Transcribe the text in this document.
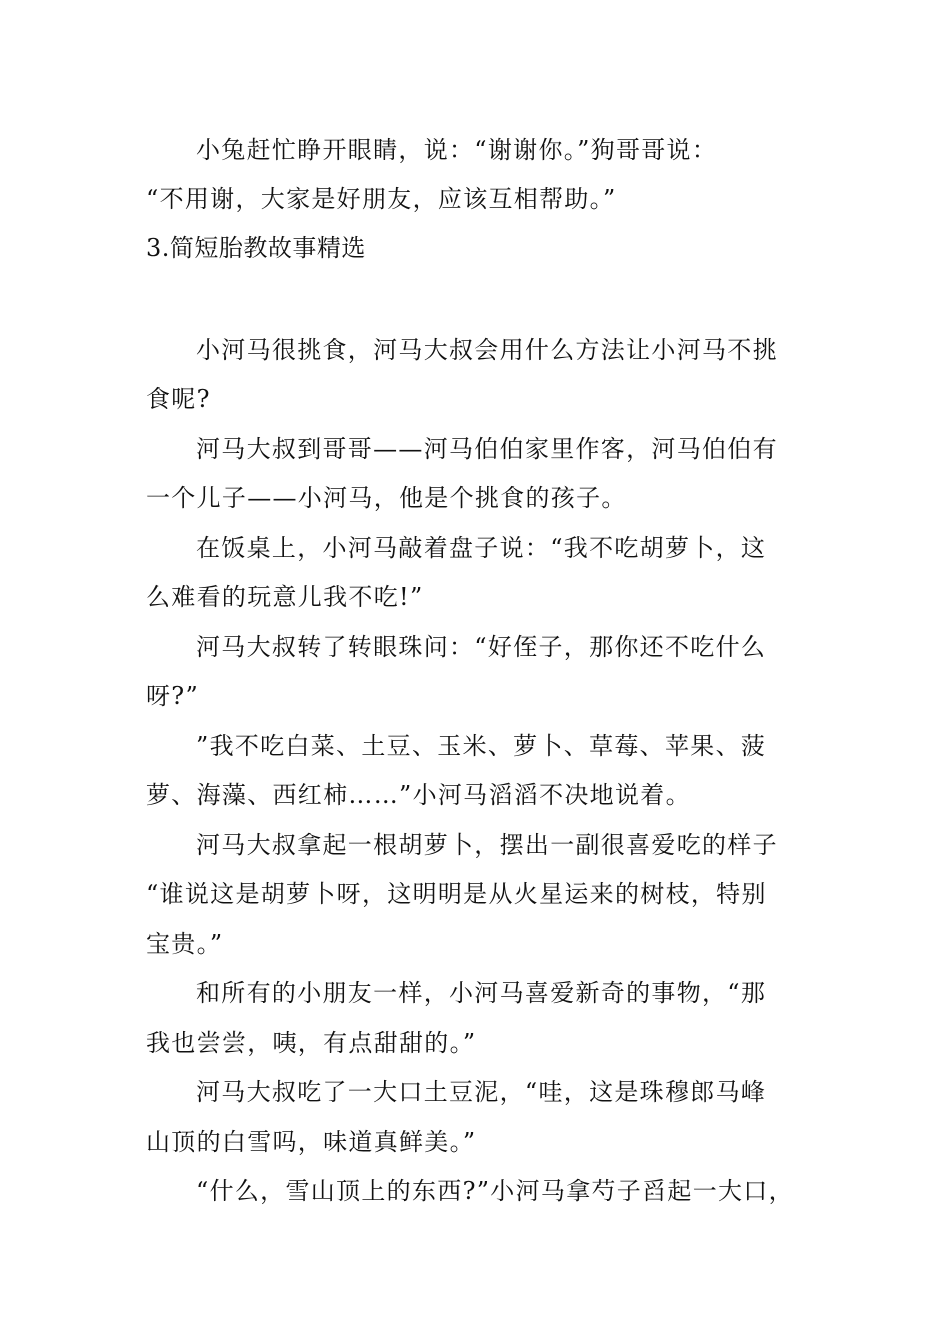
小兔赶忙睁开眼睛，说：“谢谢你。”狗哥哥说：
“不用谢，大家是好朋友，应该互相帮助。”
3.简短胎教故事精选
小河马很挑食，河马大叔会用什么方法让小河马不挑
食呢?
河马大叔到哥哥——河马伯伯家里作客，河马伯伯有
一个儿子——小河马，他是个挑食的孩子。
在饭桌上，小河马敲着盘子说：“我不吃胡萝卜，这
么难看的玩意儿我不吃!”
河马大叔转了转眼珠问：“好侄子，那你还不吃什么
呀?”
”我不吃白菜、土豆、玉米、萝卜、草莓、苹果、菠
萝、海藻、西红柿……”小河马滔滔不决地说着。
河马大叔拿起一根胡萝卜，摆出一副很喜爱吃的样子
“谁说这是胡萝卜呀，这明明是从火星运来的树枝，特别
宝贵。”
和所有的小朋友一样，小河马喜爱新奇的事物，“那
我也尝尝，咦，有点甜甜的。”
河马大叔吃了一大口土豆泥，“哇，这是珠穆郎马峰
山顶的白雪吗，味道真鲜美。”
“什么，雪山顶上的东西?”小河马拿芍子舀起一大口，
